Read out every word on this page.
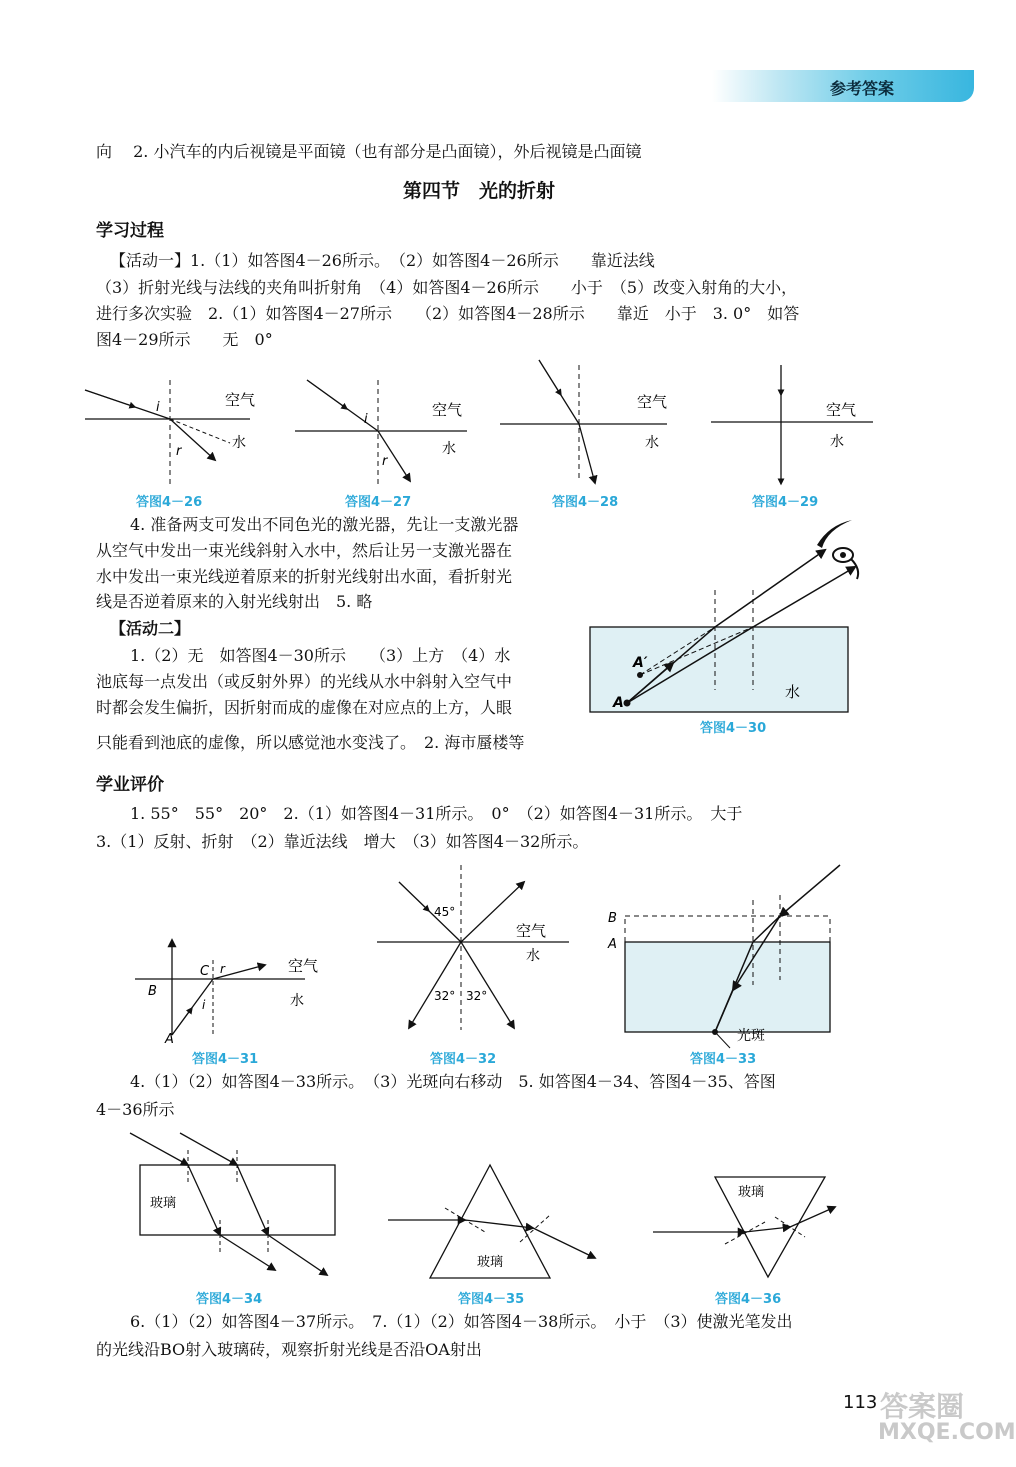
参考答案
向　 2. 小汽车的内后视镜是平面镜（也有部分是凸面镜），外后视镜是凸面镜
第四节　光的折射
学习过程
【活动一】1.（1）如答图4－26所示。　（2）如答图4－26所示　　靠近法线
（3）折射光线与法线的夹角叫折射角　（4）如答图4－26所示　　小于　（5）改变入射角的大小，
进行多次实验　2.（1）如答图4－27所示　　（2）如答图4－28所示　　靠近　小于　3. 0°　如答
图4－29所示　　无　0°
i
r
空气
水
答图4－26
i
r
空气
水
答图4－27
空气
水
答图4－28
空气
水
答图4－29
4. 准备两支可发出不同色光的激光器，先让一支激光器
从空气中发出一束光线斜射入水中，然后让另一支激光器在
水中发出一束光线逆着原来的折射光线射出水面，看折射光
线是否逆着原来的入射光线射出　5. 略
【活动二】
1.（2）无　如答图4－30所示　　（3）上方　（4）水
池底每一点发出（或反射外界）的光线从水中斜射入空气中
时都会发生偏折，因折射而成的虚像在对应点的上方，人眼
只能看到池底的虚像，所以感觉池水变浅了。　2. 海市蜃楼等
A
A′
水
答图4－30
学业评价
1. 55°　55°　20°　2.（1）如答图4－31所示。　0°　（2）如答图4－31所示。　大于
3.（1）反射、折射　（2）靠近法线　增大　（3）如答图4－32所示。
A
B
C r
i
空气
水
答图4－31
45°
32° 32°
空气
水
答图4－32
B
A
光斑
答图4－33
4.（1）（2）如答图4－33所示。　（3）光斑向右移动　5. 如答图4－34、答图4－35、答图
4－36所示
玻璃
答图4－34
玻璃
答图4－35
玻璃
答图4－36
6.（1）（2）如答图4－37所示。　7.（1）（2）如答图4－38所示。　小于　（3）使激光笔发出
的光线沿BO射入玻璃砖，观察折射光线是否沿OA射出
113 答案圈
MXQE.COM
